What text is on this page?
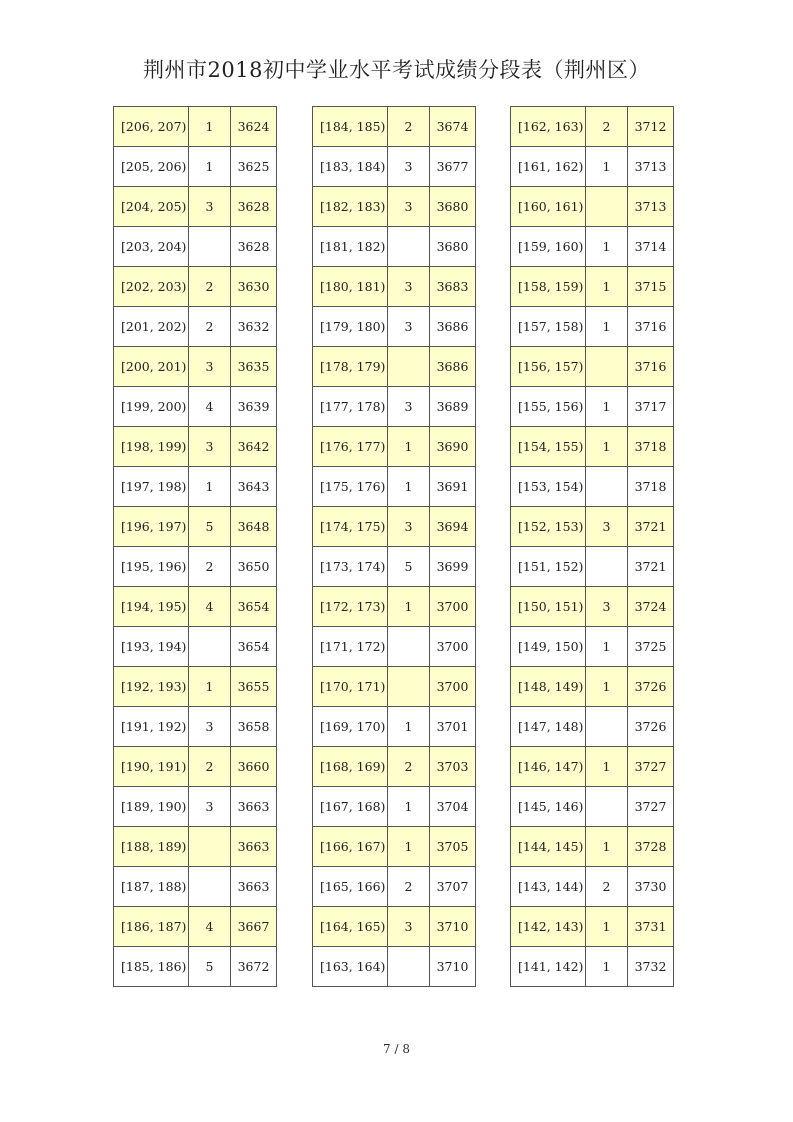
荆州市2018初中学业水平考试成绩分段表（荆州区）
[206, 207)	1	3624
[205, 206)	1	3625
[204, 205)	3	3628
[203, 204)		3628
[202, 203)	2	3630
[201, 202)	2	3632
[200, 201)	3	3635
[199, 200)	4	3639
[198, 199)	3	3642
[197, 198)	1	3643
[196, 197)	5	3648
[195, 196)	2	3650
[194, 195)	4	3654
[193, 194)		3654
[192, 193)	1	3655
[191, 192)	3	3658
[190, 191)	2	3660
[189, 190)	3	3663
[188, 189)		3663
[187, 188)		3663
[186, 187)	4	3667
[185, 186)	5	3672
[184, 185)	2	3674
[183, 184)	3	3677
[182, 183)	3	3680
[181, 182)		3680
[180, 181)	3	3683
[179, 180)	3	3686
[178, 179)		3686
[177, 178)	3	3689
[176, 177)	1	3690
[175, 176)	1	3691
[174, 175)	3	3694
[173, 174)	5	3699
[172, 173)	1	3700
[171, 172)		3700
[170, 171)		3700
[169, 170)	1	3701
[168, 169)	2	3703
[167, 168)	1	3704
[166, 167)	1	3705
[165, 166)	2	3707
[164, 165)	3	3710
[163, 164)		3710
[162, 163)	2	3712
[161, 162)	1	3713
[160, 161)		3713
[159, 160)	1	3714
[158, 159)	1	3715
[157, 158)	1	3716
[156, 157)		3716
[155, 156)	1	3717
[154, 155)	1	3718
[153, 154)		3718
[152, 153)	3	3721
[151, 152)		3721
[150, 151)	3	3724
[149, 150)	1	3725
[148, 149)	1	3726
[147, 148)		3726
[146, 147)	1	3727
[145, 146)		3727
[144, 145)	1	3728
[143, 144)	2	3730
[142, 143)	1	3731
[141, 142)	1	3732
7 / 8
